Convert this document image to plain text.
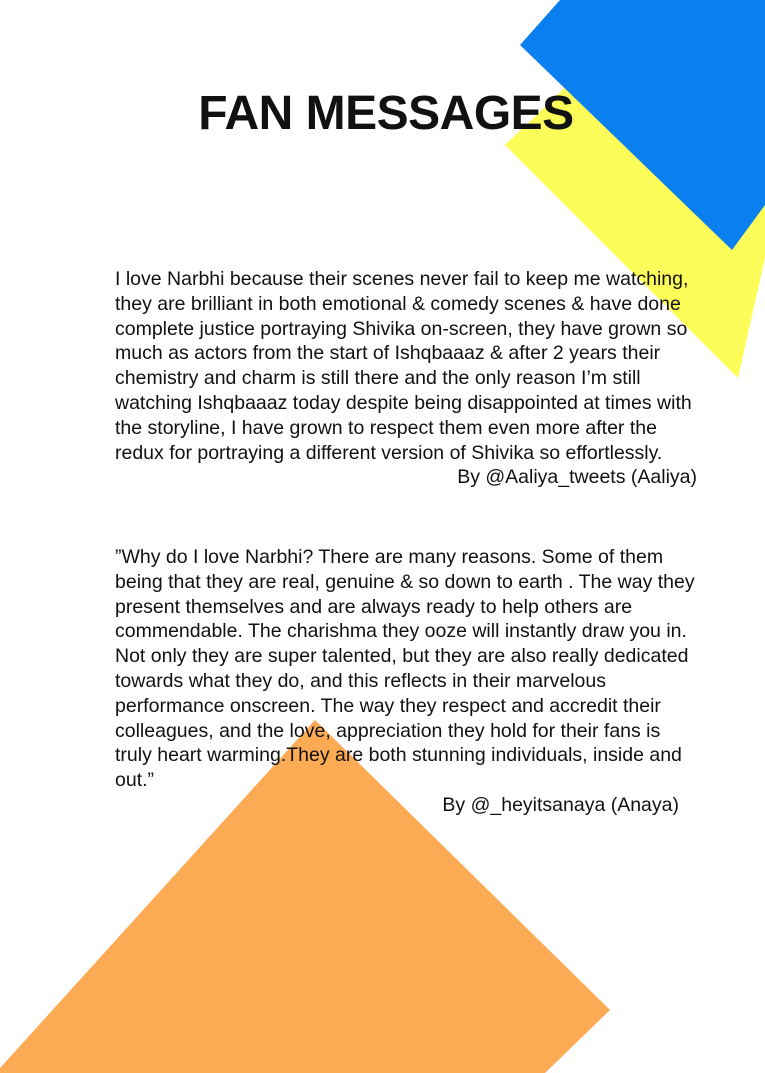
FAN MESSAGES
I love Narbhi because their scenes never fail to keep me watching, they are brilliant in both emotional & comedy scenes & have done complete justice portraying Shivika on-screen, they have grown so much as actors from the start of Ishqbaaaz & after 2 years their chemistry and charm is still there and the only reason I’m still watching Ishqbaaaz today despite being disappointed at times with the storyline, I have grown to respect them even more after the redux for portraying a different version of Shivika so effortlessly.
By @Aaliya_tweets (Aaliya)
”Why do I love Narbhi? There are many reasons. Some of them being that they are real, genuine & so down to earth . The way they present themselves and are always ready to help others are commendable. The charishma they ooze will instantly draw you in. Not only they are super talented, but they are also really dedicated towards what they do, and this reflects in their marvelous performance onscreen. The way they respect and accredit their colleagues, and the love, appreciation they hold for their fans is truly heart warming.They are both stunning individuals, inside and out.”
By @_heyitsanaya (Anaya)
